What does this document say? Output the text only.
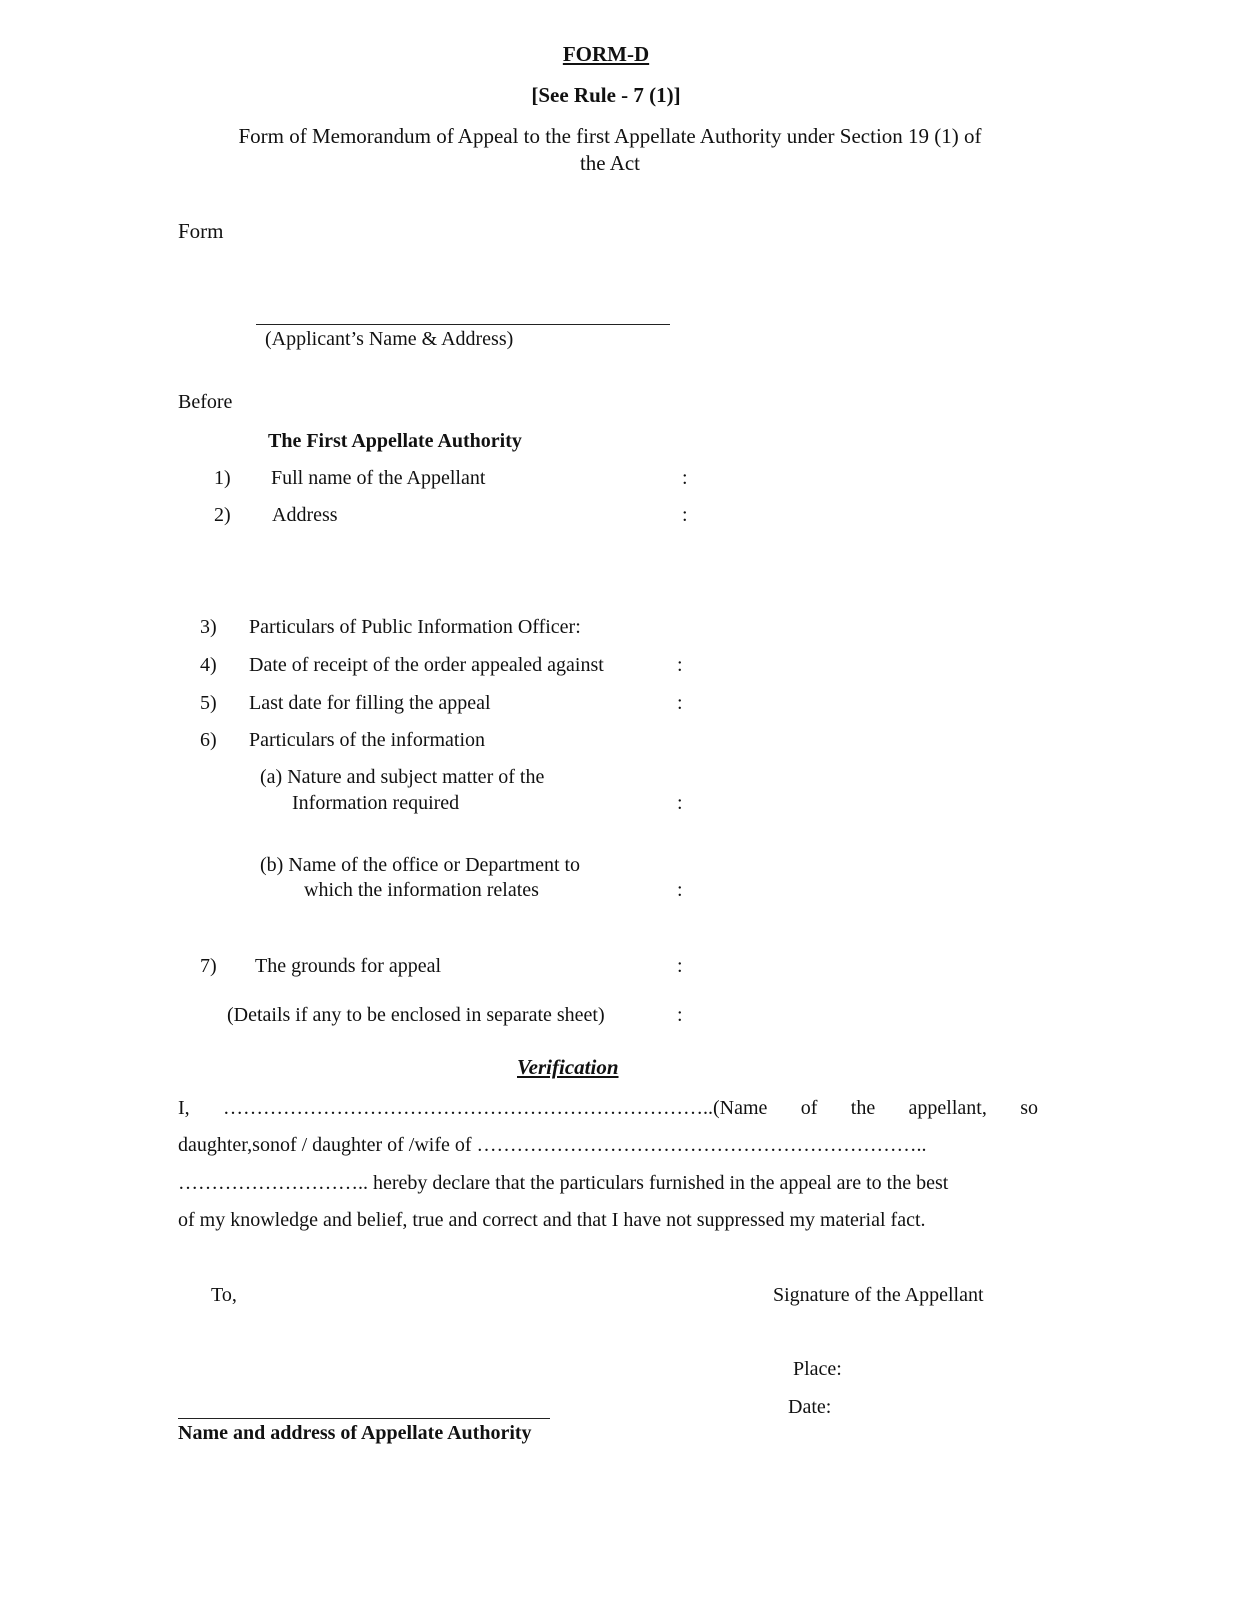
FORM-D
[See Rule - 7 (1)]
Form of Memorandum of Appeal to the first Appellate Authority under Section 19 (1) of
the Act
Form
(Applicant’s Name & Address)
Before
The First Appellate Authority
1) Full name of the Appellant	:
2) Address	:
3) Particulars of Public Information Officer:
4) Date of receipt of the order appealed against	:
5) Last date for filling the appeal	:
6) Particulars of the information
(a) Nature and subject matter of the
Information required	:
(b) Name of the office or Department to
which the information relates	:
7) The grounds for appeal	:
(Details if any to be enclosed in separate sheet)	:
Verification
I, ………………………………………………………………..(Name of the appellant, so
daughter,sonof / daughter of /wife of …………………………………………………………..
……………………….. hereby declare that the particulars furnished in the appeal are to the best
of my knowledge and belief, true and correct and that I have not suppressed my material fact.
To,	Signature of the Appellant
Place:
Date:
Name and address of Appellate Authority
